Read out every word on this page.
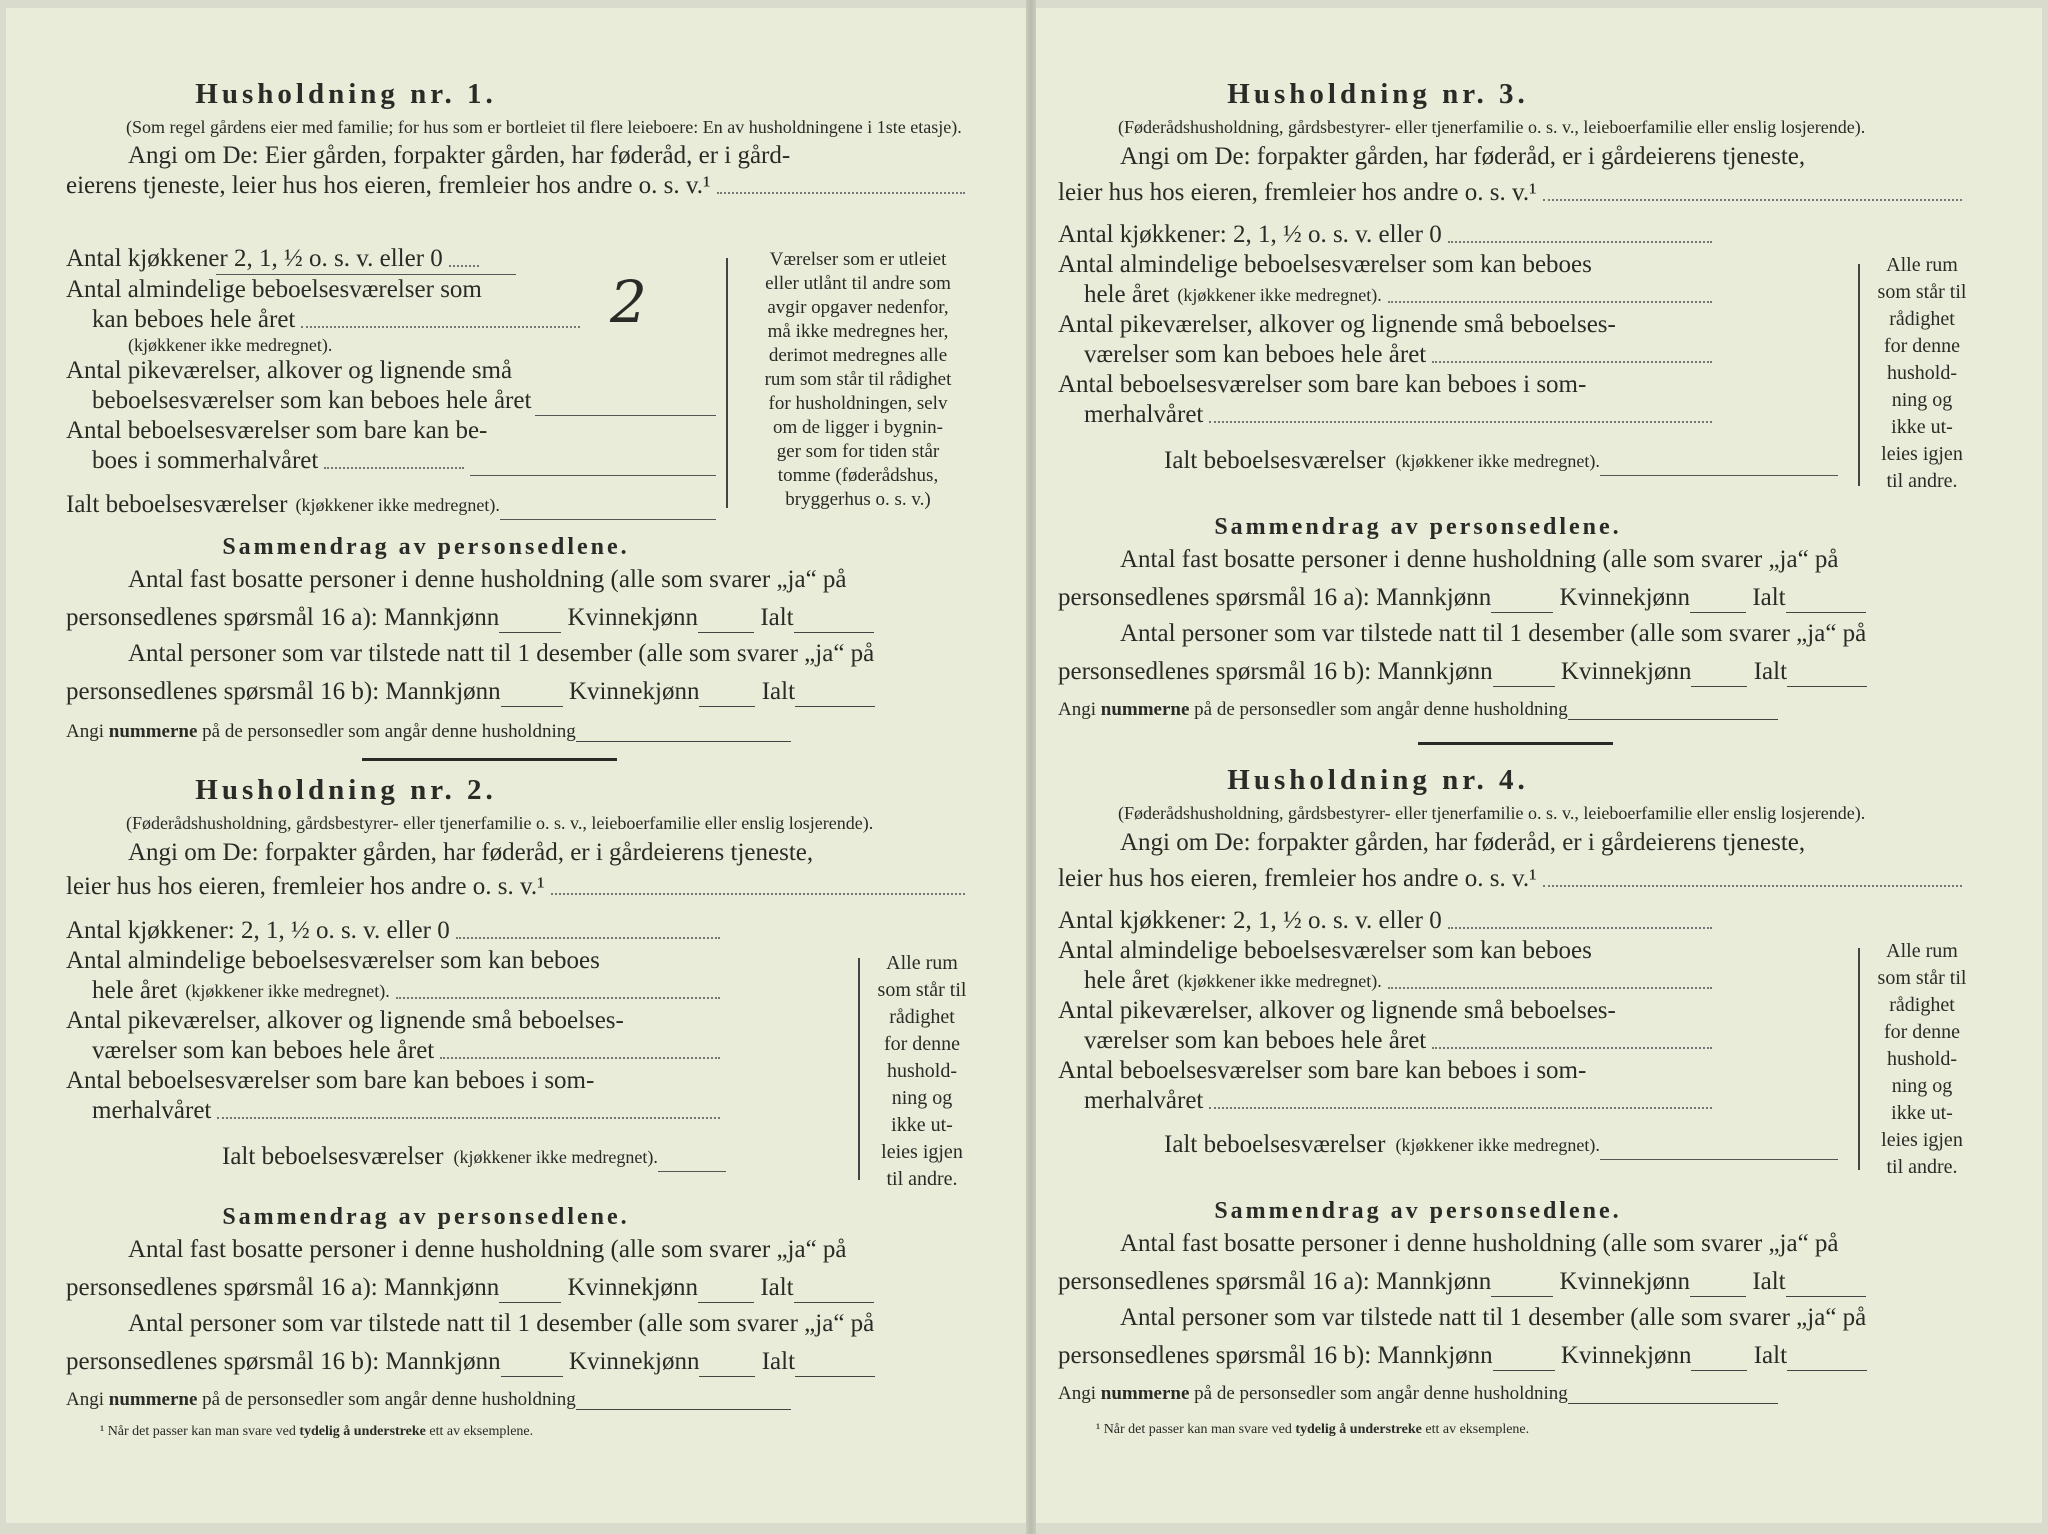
Husholdning nr. 1.
(Som regel gårdens eier med familie; for hus som er bortleiet til flere leieboere: En av husholdningene i 1ste etasje).
Angi om De: Eier gården, forpakter gården, har føderåd, er i gård-
eierens tjeneste, leier hus hos eieren, fremleier hos andre o. s. v.¹
Antal kjøkkener 2, 1, ½ o. s. v. eller 0
Antal almindelige beboelsesværelser som
kan beboes hele året
(kjøkkener ikke medregnet).
Antal pikeværelser, alkover og lignende små
beboelsesværelser som kan beboes hele året
Antal beboelsesværelser som bare kan be-
boes i sommerhalvåret
Ialt beboelsesværelser (kjøkkener ikke medregnet).
2
Værelser som er utleiet
eller utlånt til andre som
avgir opgaver nedenfor,
må ikke medregnes her,
derimot medregnes alle
rum som står til rådighet
for husholdningen, selv
om de ligger i bygnin-
ger som for tiden står
tomme (føderådshus,
bryggerhus o. s. v.)
Sammendrag av personsedlene.
Antal fast bosatte personer i denne husholdning (alle som svarer „ja“ på
personsedlenes spørsmål 16 a): Mannkjønn	Kvinnekjønn Ialt
Antal personer som var tilstede natt til 1 desember (alle som svarer „ja“ på
personsedlenes spørsmål 16 b): Mannkjønn	Kvinnekjønn Ialt
Angi nummerne på de personsedler som angår denne husholdning
Husholdning nr. 2.
(Føderådshusholdning, gårdsbestyrer- eller tjenerfamilie o. s. v., leieboerfamilie eller enslig losjerende).
Angi om De: forpakter gården, har føderåd, er i gårdeierens tjeneste,
leier hus hos eieren, fremleier hos andre o. s. v.¹
Antal kjøkkener: 2, 1, ½ o. s. v. eller 0
Antal almindelige beboelsesværelser som kan beboes
hele året (kjøkkener ikke medregnet).
Antal pikeværelser, alkover og lignende små beboelses-
værelser som kan beboes hele året
Antal beboelsesværelser som bare kan beboes i som-
merhalvåret
Ialt beboelsesværelser (kjøkkener ikke medregnet).
Alle rum
som står til
rådighet
for denne
hushold-
ning og
ikke ut-
leies igjen
til andre.
Sammendrag av personsedlene.
Antal fast bosatte personer i denne husholdning (alle som svarer „ja“ på
personsedlenes spørsmål 16 a): Mannkjønn	Kvinnekjønn Ialt
Antal personer som var tilstede natt til 1 desember (alle som svarer „ja“ på
personsedlenes spørsmål 16 b): Mannkjønn	Kvinnekjønn Ialt
Angi nummerne på de personsedler som angår denne husholdning
¹ Når det passer kan man svare ved tydelig å understreke ett av eksemplene.
Husholdning nr. 3.
(Føderådshusholdning, gårdsbestyrer- eller tjenerfamilie o. s. v., leieboerfamilie eller enslig losjerende).
Angi om De: forpakter gården, har føderåd, er i gårdeierens tjeneste,
leier hus hos eieren, fremleier hos andre o. s. v.¹
Antal kjøkkener: 2, 1, ½ o. s. v. eller 0
Antal almindelige beboelsesværelser som kan beboes
hele året (kjøkkener ikke medregnet).
Antal pikeværelser, alkover og lignende små beboelses-
værelser som kan beboes hele året
Antal beboelsesværelser som bare kan beboes i som-
merhalvåret
Ialt beboelsesværelser (kjøkkener ikke medregnet).
Alle rum
som står til
rådighet
for denne
hushold-
ning og
ikke ut-
leies igjen
til andre.
Sammendrag av personsedlene.
Antal fast bosatte personer i denne husholdning (alle som svarer „ja“ på
personsedlenes spørsmål 16 a): Mannkjønn	Kvinnekjønn Ialt
Antal personer som var tilstede natt til 1 desember (alle som svarer „ja“ på
personsedlenes spørsmål 16 b): Mannkjønn	Kvinnekjønn Ialt
Angi nummerne på de personsedler som angår denne husholdning
Husholdning nr. 4.
(Føderådshusholdning, gårdsbestyrer- eller tjenerfamilie o. s. v., leieboerfamilie eller enslig losjerende).
Angi om De: forpakter gården, har føderåd, er i gårdeierens tjeneste,
leier hus hos eieren, fremleier hos andre o. s. v.¹
Antal kjøkkener: 2, 1, ½ o. s. v. eller 0
Antal almindelige beboelsesværelser som kan beboes
hele året (kjøkkener ikke medregnet).
Antal pikeværelser, alkover og lignende små beboelses-
værelser som kan beboes hele året
Antal beboelsesværelser som bare kan beboes i som-
merhalvåret
Ialt beboelsesværelser (kjøkkener ikke medregnet).
Alle rum
som står til
rådighet
for denne
hushold-
ning og
ikke ut-
leies igjen
til andre.
Sammendrag av personsedlene.
Antal fast bosatte personer i denne husholdning (alle som svarer „ja“ på
personsedlenes spørsmål 16 a): Mannkjønn	Kvinnekjønn Ialt
Antal personer som var tilstede natt til 1 desember (alle som svarer „ja“ på
personsedlenes spørsmål 16 b): Mannkjønn	Kvinnekjønn Ialt
Angi nummerne på de personsedler som angår denne husholdning
¹ Når det passer kan man svare ved tydelig å understreke ett av eksemplene.
